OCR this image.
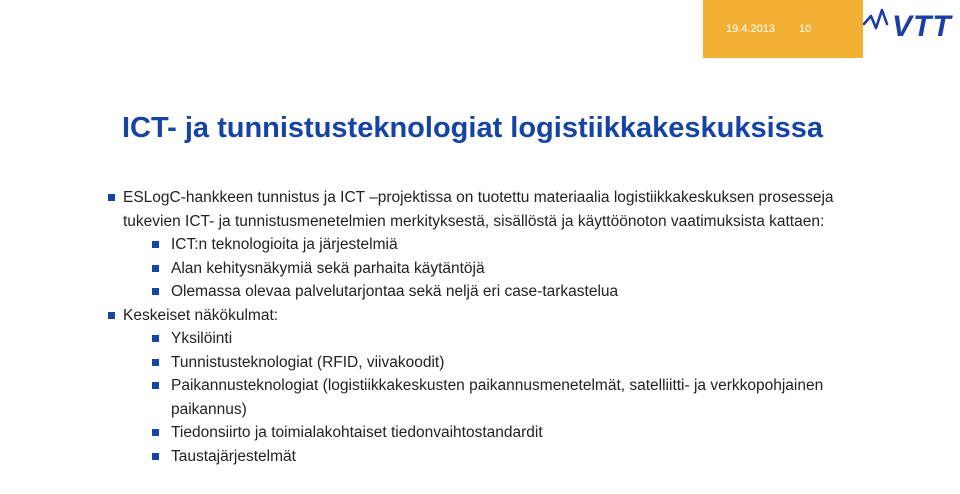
19.4.2013 10	VTT
ICT- ja tunnistusteknologiat logistiikkakeskuksissa
ESLogC-hankkeen tunnistus ja ICT –projektissa on tuotettu materiaalia logistiikkakeskuksen prosesseja tukevien ICT- ja tunnistusmenetelmien merkityksestä, sisällöstä ja käyttöönoton vaatimuksista kattaen:
ICT:n teknologioita ja järjestelmiä
Alan kehitysnäkymiä sekä parhaita käytäntöjä
Olemassa olevaa palvelutarjontaa sekä neljä eri case-tarkastelua
Keskeiset näkökulmat:
Yksilöinti
Tunnistusteknologiat (RFID, viivakoodit)
Paikannusteknologiat (logistiikkakeskusten paikannusmenetelmät, satelliitti- ja verkkopohjainen paikannus)
Tiedonsiirto ja toimialakohtaiset tiedonvaihtostandardit
Taustajärjestelmät
